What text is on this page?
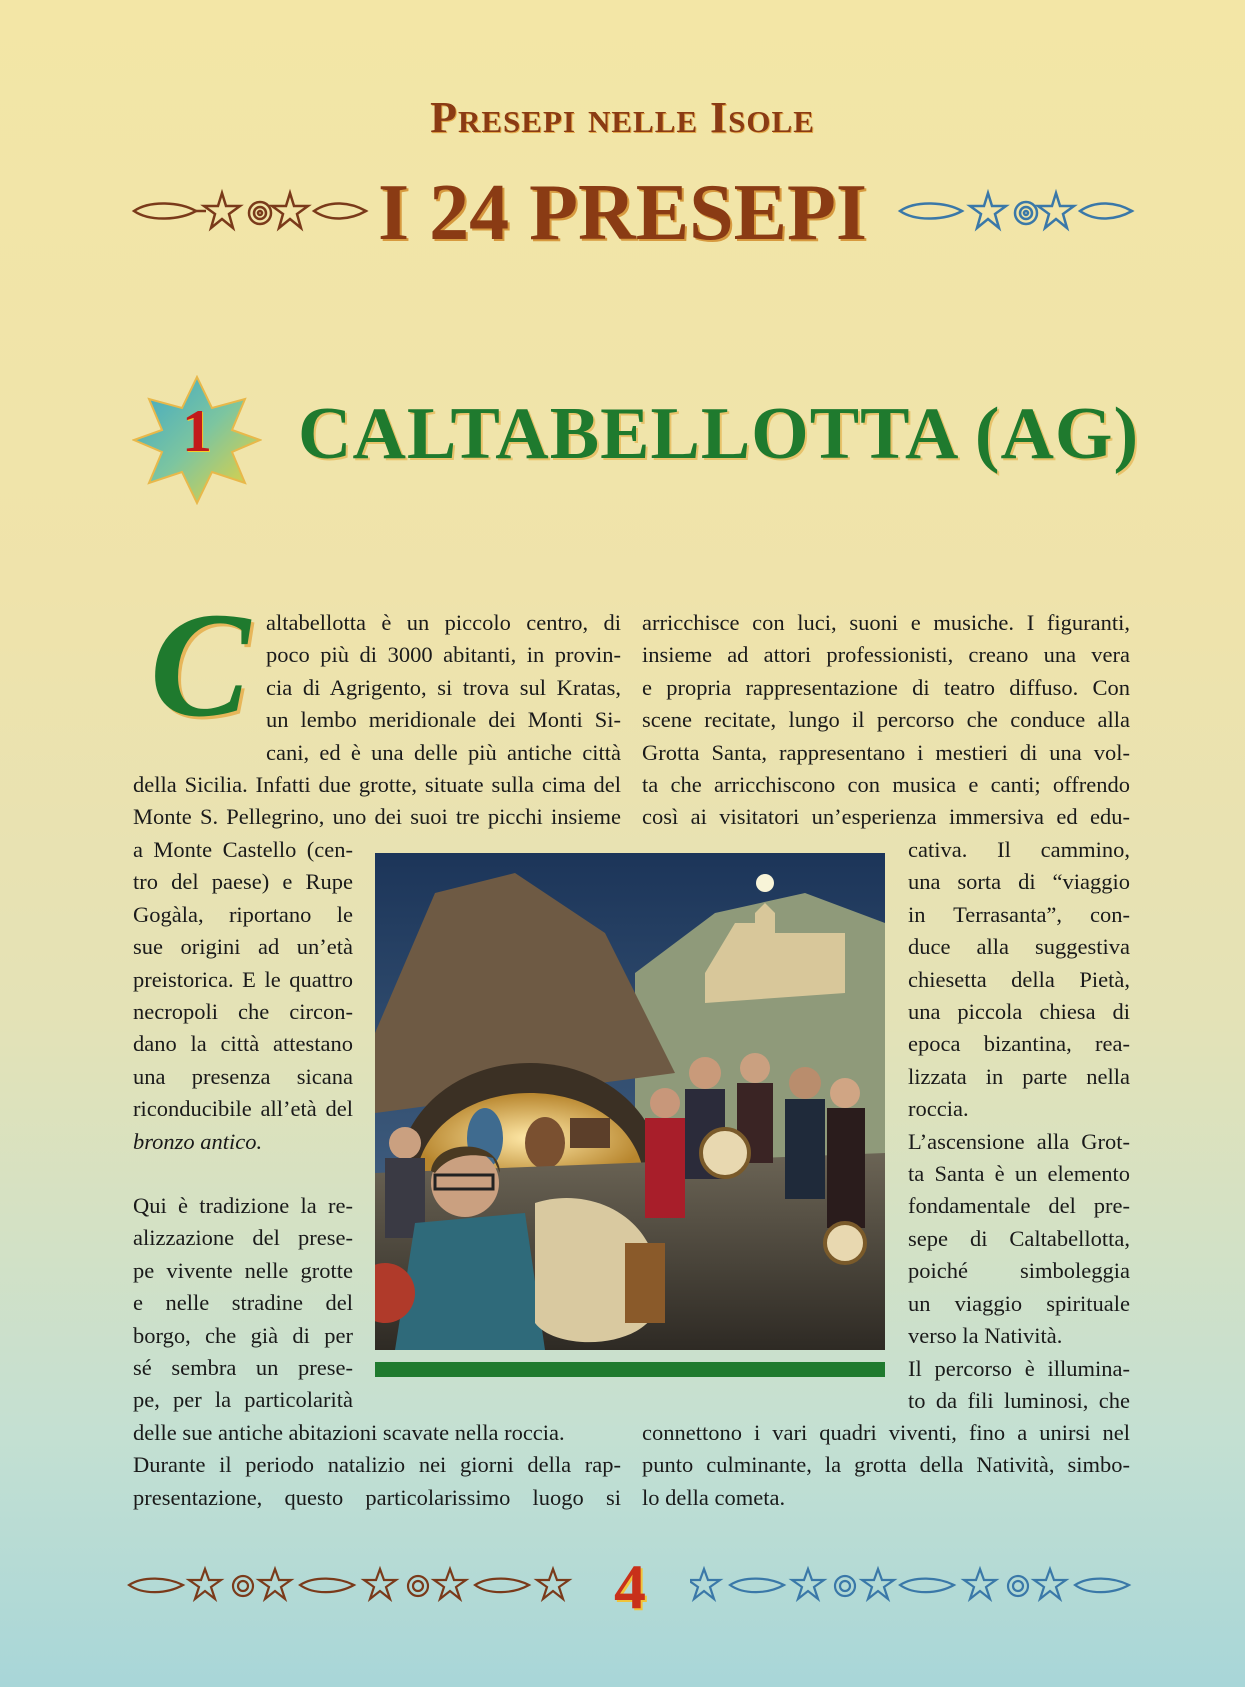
Presepi nelle Isole
I 24 PRESEPI
1	CALTABELLOTTA (AG)
C altabellotta è un piccolo centro, di

poco più di 3000 abitanti, in provin-

cia di Agrigento, si trova sul Kratas,

un lembo meridionale dei Monti Si-

cani, ed è una delle più antiche città

della Sicilia. Infatti due grotte, situate sulla cima del

Monte S. Pellegrino, uno dei suoi tre picchi insieme

a Monte Castello (cen-

tro del paese) e Rupe

Gogàla, riportano le

sue origini ad un’età

preistorica. E le quattro

necropoli che circon-

dano la città attestano

una presenza sicana

riconducibile all’età del

bronzo antico.

Qui è tradizione la re-

alizzazione del prese-

pe vivente nelle grotte

e nelle stradine del

borgo, che già di per

sé sembra un prese-

pe, per la particolarità

delle sue antiche abitazioni scavate nella roccia.

Durante il periodo natalizio nei giorni della rap-

presentazione, questo particolarissimo luogo si

arricchisce con luci, suoni e musiche. I figuranti,

insieme ad attori professionisti, creano una vera

e propria rappresentazione di teatro diffuso. Con

scene recitate, lungo il percorso che conduce alla

Grotta Santa, rappresentano i mestieri di una vol-

ta che arricchiscono con musica e canti; offrendo

così ai visitatori un’esperienza immersiva ed edu-

cativa. Il cammino,

una sorta di “viaggio

in Terrasanta”, con-

duce alla suggestiva

chiesetta della Pietà,

una piccola chiesa di

epoca bizantina, rea-

lizzata in parte nella

roccia.

L’ascensione alla Grot-

ta Santa è un elemento

fondamentale del pre-

sepe di Caltabellotta,

poiché simboleggia

un viaggio spirituale

verso la Natività.

Il percorso è illumina-

to da fili luminosi, che

connettono i vari quadri viventi, fino a unirsi nel

punto culminante, la grotta della Natività, simbo-

lo della cometa.

4
